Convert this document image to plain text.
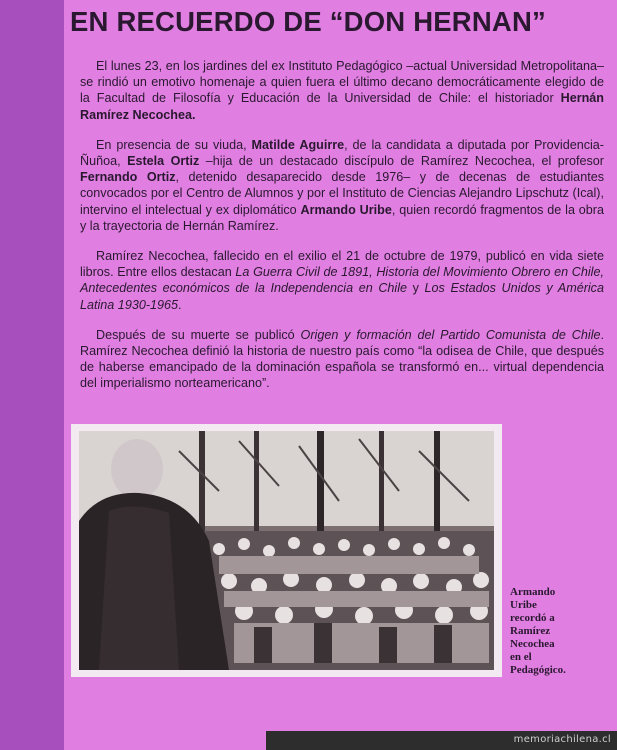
EN RECUERDO DE “DON HERNAN”

El lunes 23, en los jardines del ex Instituto Pedagógico –actual Universidad Metropolitana– se rindió un emotivo homenaje a quien fuera el último decano democráticamente elegido de la Facultad de Filosofía y Educación de la Universidad de Chile: el historiador Hernán Ramírez Necochea.

En presencia de su viuda, Matilde Aguirre, de la candidata a diputada por Providencia-Ñuñoa, Estela Ortiz –hija de un destacado discípulo de Ramírez Necochea, el profesor Fernando Ortiz, detenido desaparecido desde 1976– y de decenas de estudiantes convocados por el Centro de Alumnos y por el Instituto de Ciencias Alejandro Lipschutz (Ical), intervino el intelectual y ex diplomático Armando Uribe, quien recordó fragmentos de la obra y la trayectoria de Hernán Ramírez.

Ramírez Necochea, fallecido en el exilio el 21 de octubre de 1979, publicó en vida siete libros. Entre ellos destacan La Guerra Civil de 1891, Historia del Movimiento Obrero en Chile, Antecedentes económicos de la Independencia en Chile y Los Estados Unidos y América Latina 1930-1965.

Después de su muerte se publicó Origen y formación del Partido Comunista de Chile. Ramírez Necochea definió la historia de nuestro país como “la odisea de Chile, que después de haberse emancipado de la dominación española se transformó en... virtual dependencia del imperialismo norteamericano”.

Armando
Uribe
recordó a
Ramírez
Necochea
en el
Pedagógico.
memoriachilena.cl
